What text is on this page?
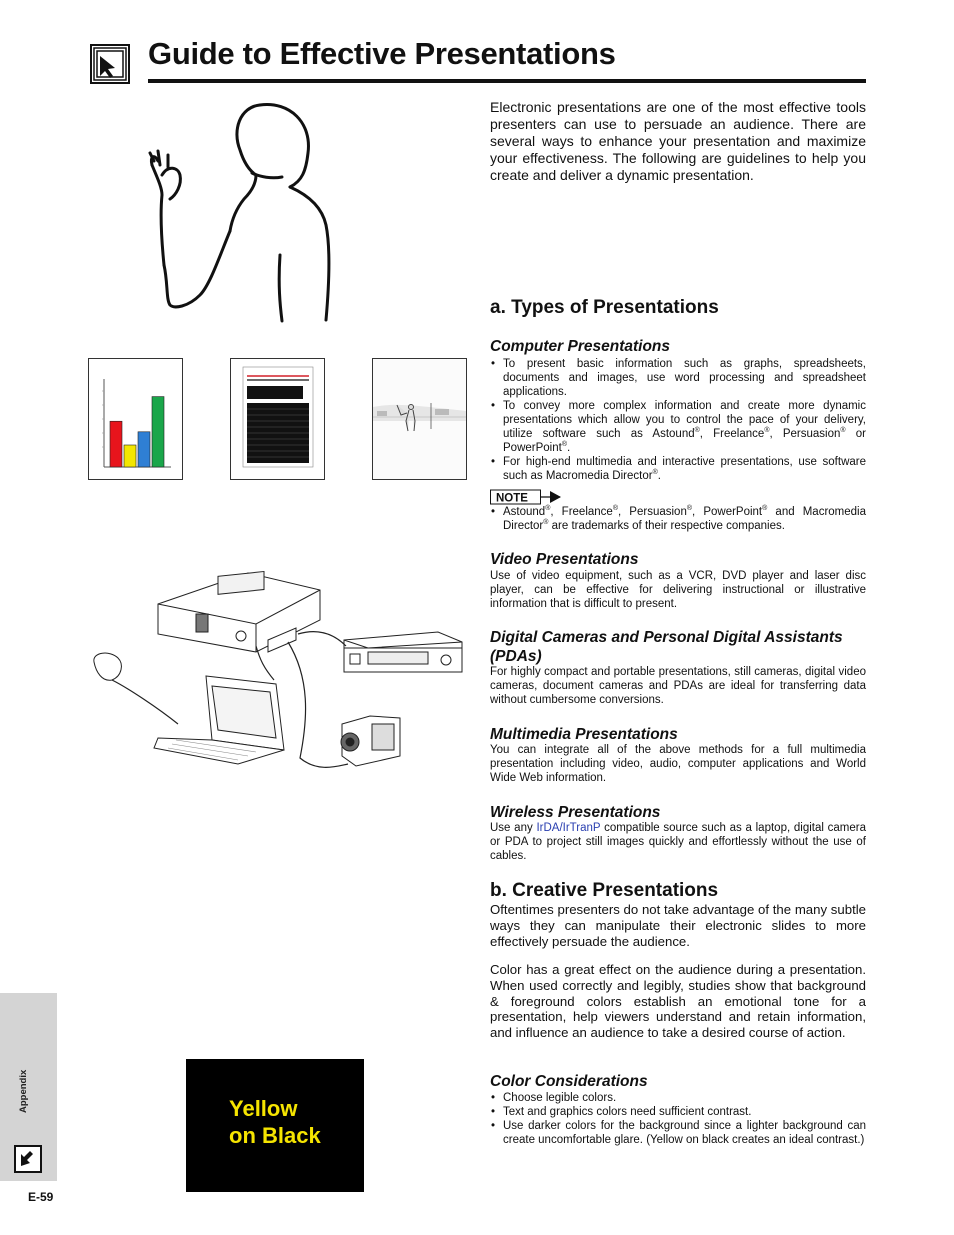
Guide to Effective Presentations
Yellow
on Black

Electronic presentations are one of the most effective tools presenters can use to persuade an audience. There are several ways to enhance your presentation and maximize your effectiveness. The following are guidelines to help you create and deliver a dynamic presentation.

a. Types of Presentations
Computer Presentations
• To present basic information such as graphs, spreadsheets, documents and images, use word processing and spreadsheet applications.
• To convey more complex information and create more dynamic presentations which allow you to control the pace of your delivery, utilize software such as Astound®, Freelance®, Persuasion® or PowerPoint®.
• For high-end multimedia and interactive presentations, use software such as Macromedia Director®.
NOTE
• Astound®, Freelance®, Persuasion®, PowerPoint® and Macromedia Director® are trademarks of their respective companies.
Video Presentations

Use of video equipment, such as a VCR, DVD player and laser disc player, can be effective for delivering instructional or illustrative information that is difficult to present.

Digital Cameras and Personal Digital Assistants (PDAs)

For highly compact and portable presentations, still cameras, digital video cameras, document cameras and PDAs are ideal for transferring data without cumbersome conversions.

Multimedia Presentations

You can integrate all of the above methods for a full multimedia presentation including video, audio, computer applications and World Wide Web information.

Wireless Presentations

Use any IrDA/IrTranP compatible source such as a laptop, digital camera or PDA to project still images quickly and effortlessly without the use of cables.

b. Creative Presentations

Oftentimes presenters do not take advantage of the many subtle ways they can manipulate their electronic slides to more effectively persuade the audience.

Color has a great effect on the audience during a presentation. When used correctly and legibly, studies show that background & foreground colors establish an emotional tone for a presentation, help viewers understand and retain information, and influence an audience to take a desired course of action.

Color Considerations
• Choose legible colors.
• Text and graphics colors need sufficient contrast.
• Use darker colors for the background since a lighter background can create uncomfortable glare. (Yellow on black creates an ideal contrast.)
Appendix
E-59
